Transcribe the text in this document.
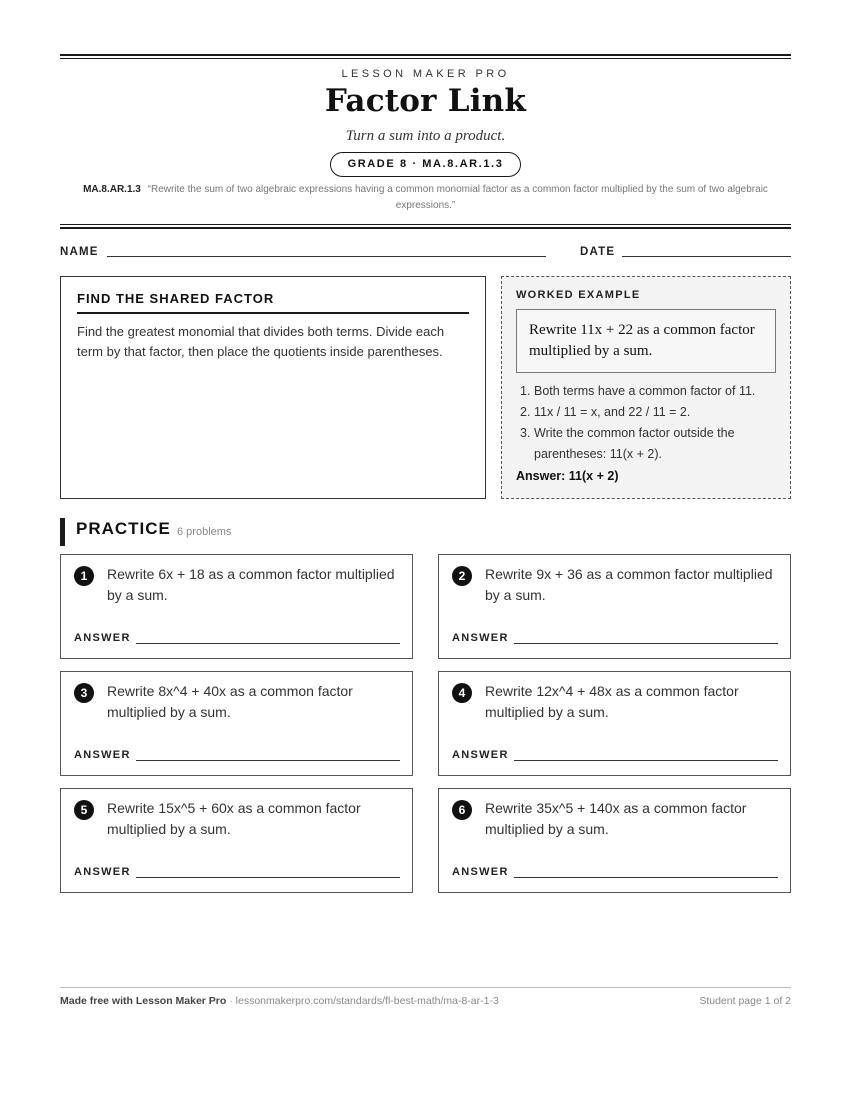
LESSON MAKER PRO
Factor Link
Turn a sum into a product.
GRADE 8 · MA.8.AR.1.3
MA.8.AR.1.3 “Rewrite the sum of two algebraic expressions having a common monomial factor as a common factor multiplied by the sum of two algebraic expressions.”
NAME	DATE
FIND THE SHARED FACTOR
Find the greatest monomial that divides both terms. Divide each term by that factor, then place the quotients inside parentheses.
WORKED EXAMPLE
Rewrite 11x + 22 as a common factor multiplied by a sum.
1. Both terms have a common factor of 11.
2. 11x / 11 = x, and 22 / 11 = 2.
3. Write the common factor outside the parentheses: 11(x + 2).
Answer: 11(x + 2)
PRACTICE 6 problems
1	Rewrite 6x + 18 as a common factor multiplied by a sum.
ANSWER
2	Rewrite 9x + 36 as a common factor multiplied by a sum.
ANSWER
3	Rewrite 8x^4 + 40x as a common factor multiplied by a sum.
ANSWER
4	Rewrite 12x^4 + 48x as a common factor multiplied by a sum.
ANSWER
5	Rewrite 15x^5 + 60x as a common factor multiplied by a sum.
ANSWER
6	Rewrite 35x^5 + 140x as a common factor multiplied by a sum.
ANSWER
Made free with Lesson Maker Pro · lessonmakerpro.com/standards/fl-best-math/ma-8-ar-1-3	Student page 1 of 2
